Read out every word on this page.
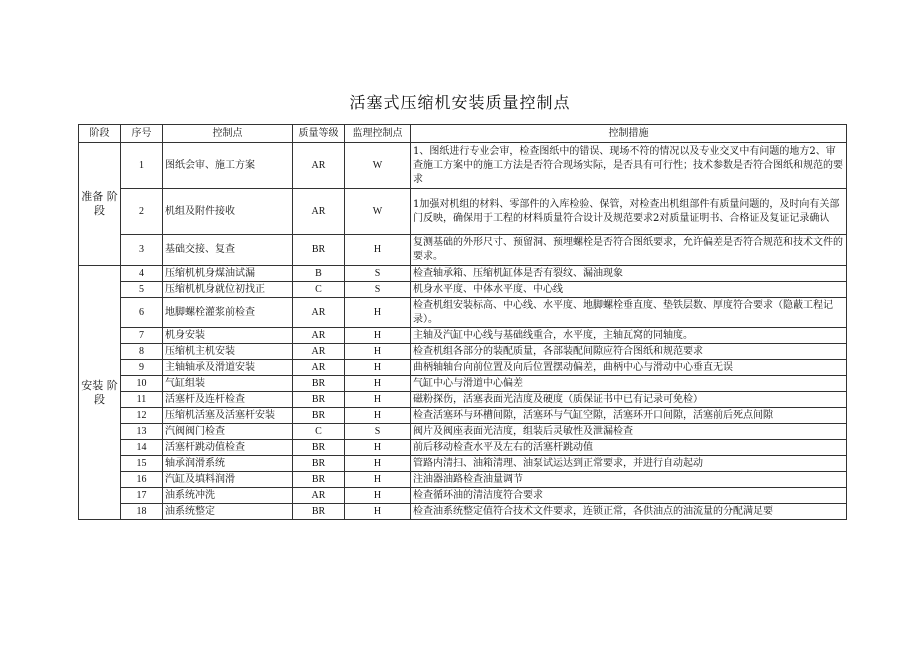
活塞式压缩机安装质量控制点
阶段	序号	控制点	质量等级	监理控制点	控制措施

准备 阶
段	1	图纸会审、施工方案	AR	W	1、图纸进行专业会审，检查图纸中的错误、现场不符的情况以及专业交叉中有问题的地方2、审查施工方案中的施工方法是否符合现场实际，是否具有可行性；技术参数是否符合图纸和规范的要求
	2	机组及附件接收	AR	W	1加强对机组的材料、零部件的入库检验、保管，对检查出机组部件有质量问题的，及时向有关部门反映，确保用于工程的材料质量符合设计及规范要求2对质量证明书、合格证及复证记录确认
	3	基础交接、复查	BR	H	复测基础的外形尺寸、预留洞、预埋螺栓是否符合图纸要求，允许偏差是否符合规范和技术文件的要求。

安装 阶
段	4	压缩机机身煤油试漏	B	S	检查轴承箱、压缩机缸体是否有裂纹、漏油现象
	5	压缩机机身就位初找正	C	S	机身水平度、中体水平度、中心线
	6	地脚螺栓灌浆前检查	AR	H	检查机组安装标高、中心线、水平度、地脚螺栓垂直度、垫铁层数、厚度符合要求（隐蔽工程记录）。
	7	机身安装	AR	H	主轴及汽缸中心线与基础线重合，水平度，主轴瓦窝的同轴度。
	8	压缩机主机安装	AR	H	检查机组各部分的装配质量，各部装配间隙应符合图纸和规范要求
	9	主轴轴承及滑道安装	AR	H	曲柄轴轴台向前位置及向后位置摆动偏差，曲柄中心与滑动中心垂直无误
	10	气缸组装	BR	H	气缸中心与滑道中心偏差
	11	活塞杆及连杆检查	BR	H	磁粉探伤，活塞表面光洁度及硬度（质保证书中已有记录可免检）
	12	压缩机活塞及活塞杆安装	BR	H	检查活塞环与环槽间隙，活塞环与气缸空隙，活塞环开口间隙，活塞前后死点间隙
	13	汽阀阀门检查	C	S	阀片及阀座表面光洁度，组装后灵敏性及泄漏检查
	14	活塞杆跳动值检查	BR	H	前后移动检查水平及左右的活塞杆跳动值
	15	轴承润滑系统	BR	H	管路内清扫、油箱清理、油泵试运达到正常要求，并进行自动起动
	16	汽缸及填料润滑	BR	H	注油器油路检查油量调节
	17	油系统冲洗	AR	H	检查循环油的清洁度符合要求
	18	油系统整定	BR	H	检查油系统整定值符合技术文件要求，连锁正常，各供油点的油流量的分配满足要
